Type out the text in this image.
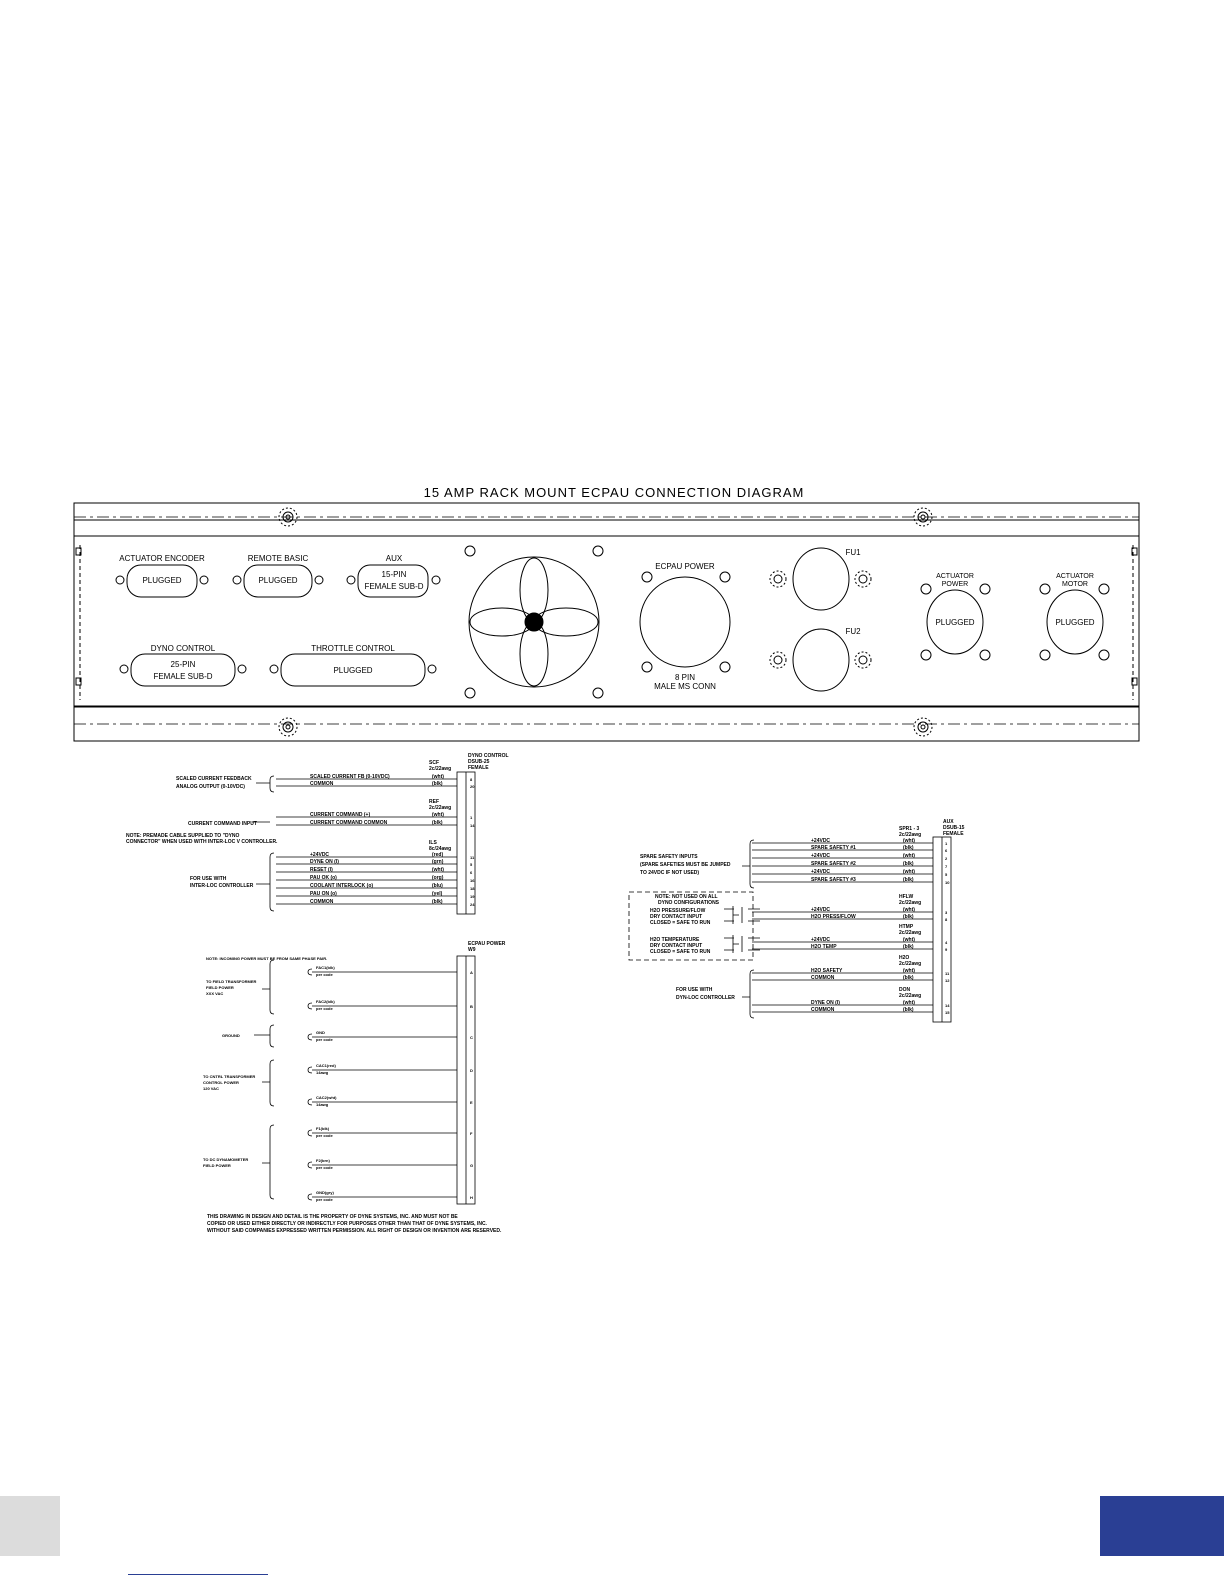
15 AMP RACK MOUNT ECPAU CONNECTION DIAGRAM
ACTUATOR ENCODER
PLUGGED
REMOTE BASIC
PLUGGED
AUX
15-PIN
FEMALE SUB-D
DYNO CONTROL
25-PIN
FEMALE SUB-D
THROTTLE CONTROL
PLUGGED
ECPAU POWER
8 PIN
MALE MS CONN
FU1
FU2
ACTUATOR
POWER
PLUGGED
ACTUATOR
MOTOR
PLUGGED
DYNO CONTROL
DSUB-25
FEMALE
SCF
2c/22awg
REF
2c/22awg
ILS
8c/24awg
SCALED CURRENT FEEDBACK
ANALOG OUTPUT (0-10VDC)
CURRENT COMMAND INPUT
NOTE: PREMADE CABLE SUPPLIED TO "DYNO
CONNECTOR" WHEN USED WITH INTER-LOC V CONTROLLER.
FOR USE WITH
INTER-LOC CONTROLLER
SCALED CURRENT FB (0-10VDC)	(wht)	8
COMMON	(blk)	20
CURRENT COMMAND (+)	(wht)	1
CURRENT COMMAND COMMON	(blk)	14
+24VDC	(red)	11
DYNE ON (I)	(grn)	5
RESET (I)	(wht)	6
PAU OK (o)	(org)	16
COOLANT INTERLOCK (o)	(blu)	18
PAU ON (o)	(yel)	19
COMMON	(blk)	24
ECPAU POWER
W9
NOTE: INCOMING POWER MUST BE FROM SAME PHASE PAIR.
TO FIELD TRANSFORMER
FIELD POWER
XXX VAC
GROUND
TO CNTRL TRANSFORMER
CONTROL POWER
120 VAC
TO DC DYNAMOMETER
FIELD POWER
FAC1(blk)
per code	A
FAC2(blk)
per code	B
GND
per code	C
CAC1(red)
14awg	D
CAC2(wht)
14awg	E
F1(blk)
per code	F
F2(brn)
per code	G
GND(gry)
per code	H
THIS DRAWING IN DESIGN AND DETAIL IS THE PROPERTY OF DYNE SYSTEMS, INC. AND MUST NOT BE
COPIED OR USED EITHER DIRECTLY OR INDIRECTLY FOR PURPOSES OTHER THAN THAT OF DYNE SYSTEMS, INC.
WITHOUT SAID COMPANIES EXPRESSED WRITTEN PERMISSION. ALL RIGHT OF DESIGN OR INVENTION ARE RESERVED.
AUX
DSUB-15
FEMALE
SPR1 - 3
2c/22awg
HFLW
2c/22awg
HTMP
2c/22awg
H2O
2c/22awg
DON
2c/22awg
SPARE SAFETY INPUTS
(SPARE SAFETIES MUST BE JUMPED
TO 24VDC IF NOT USED)
NOTE: NOT USED ON ALL
DYNO CONFIGURATIONS
H2O PRESSURE/FLOW
DRY CONTACT INPUT
CLOSED = SAFE TO RUN
H2O TEMPERATURE
DRY CONTACT INPUT
CLOSED = SAFE TO RUN
FOR USE WITH
DYN-LOC CONTROLLER
+24VDC	(wht)	1
SPARE SAFETY #1	(blk)	6
+24VDC	(wht)	2
SPARE SAFETY #2	(blk)	7
+24VDC	(wht)	5
SPARE SAFETY #3	(blk)	10
+24VDC	(wht)	3
H2O PRESS/FLOW	(blk)	8
+24VDC	(wht)	4
H2O TEMP	(blk)	9
H2O SAFETY	(wht)	11
COMMON	(blk)	12
DYNE ON (I)	(wht)	14
COMMON	(blk)	15
